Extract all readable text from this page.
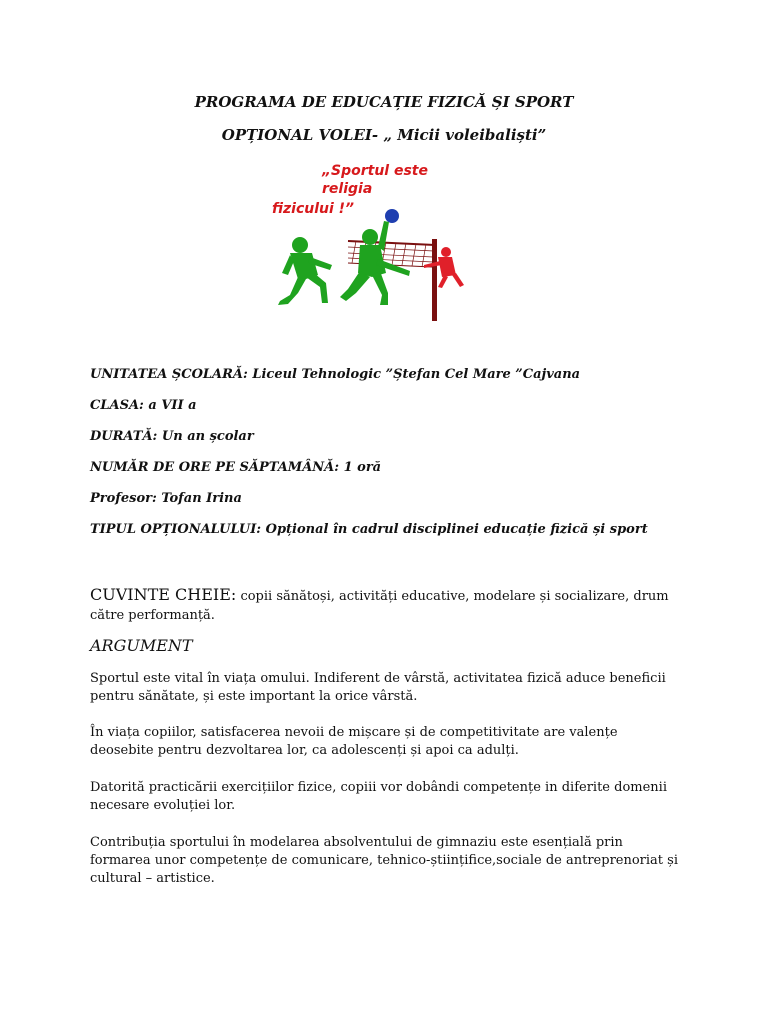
PROGRAMA DE EDUCAȚIE FIZICĂ ȘI SPORT
OPȚIONAL VOLEI- „ Micii voleibaliști”
„Sportul este
religia
fizicului !”
UNITATEA ȘCOLARĂ: Liceul Tehnologic ”Ștefan Cel Mare ”Cajvana
CLASA: a VII a
DURATĂ: Un an școlar
NUMĂR DE ORE PE SĂPTAMÂNĂ: 1 oră
Profesor: Tofan Irina
TIPUL OPȚIONALULUI: Opțional în cadrul disciplinei educație fizică și sport
CUVINTE CHEIE: copii sănătoși, activități educative, modelare și socializare, drum către performanță.
ARGUMENT
Sportul este vital în viața omului. Indiferent de vârstă, activitatea fizică aduce beneficii pentru sănătate, și este important la orice vârstă.
În viața copiilor, satisfacerea nevoii de mișcare și de competitivitate are valențe deosebite pentru dezvoltarea lor, ca adolescenți și apoi ca adulți.
Datorită practicării exercițiilor fizice, copiii vor dobândi competențe in diferite domenii necesare evoluției lor.
Contribuția sportului în modelarea absolventului de gimnaziu este esențială prin formarea unor competențe de comunicare, tehnico-științifice,sociale de antreprenoriat și cultural – artistice.
